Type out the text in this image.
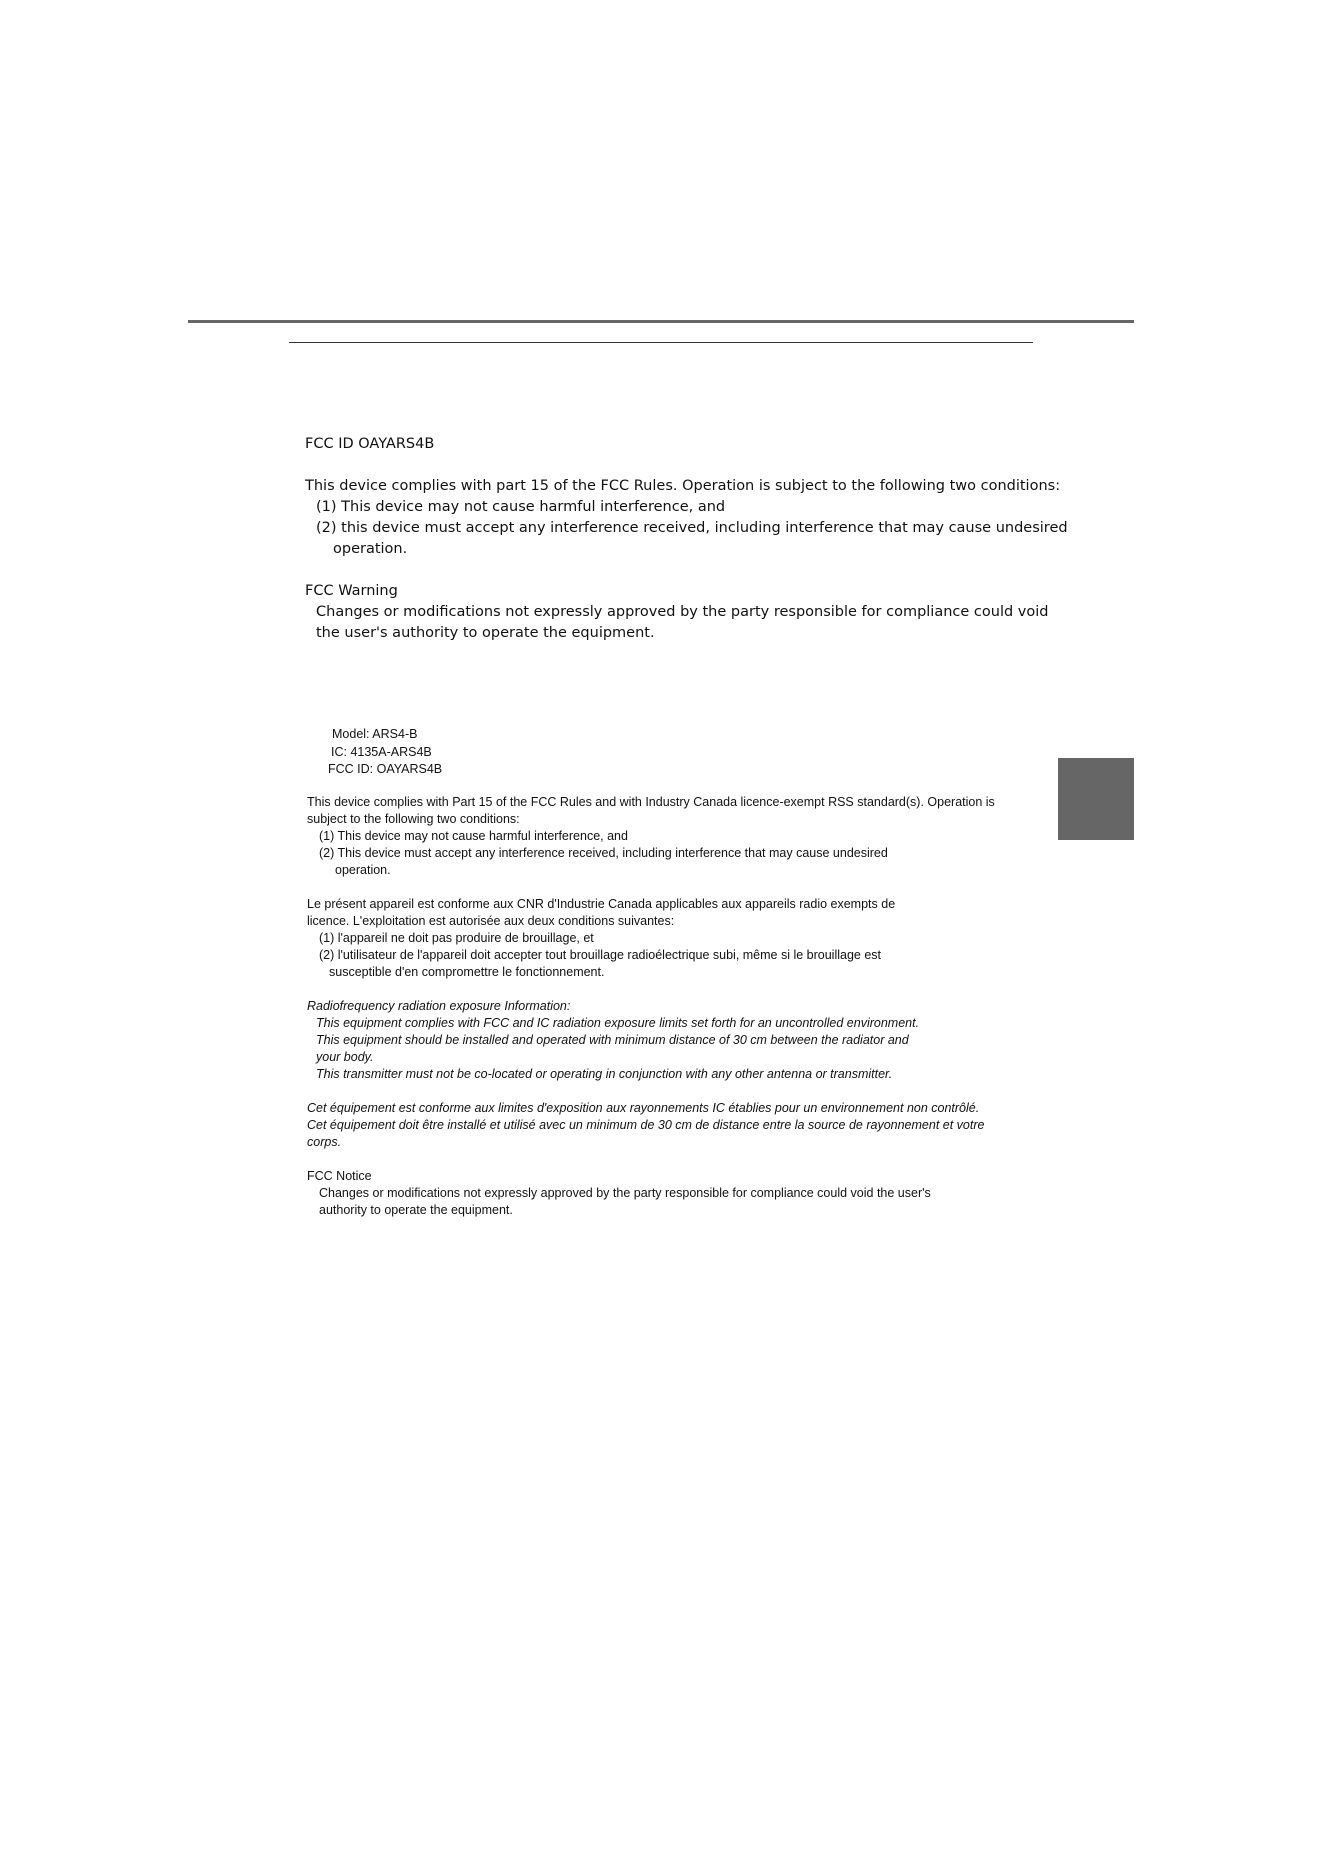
FCC ID OAYARS4B

This device complies with part 15 of the FCC Rules. Operation is subject to the following two conditions:

(1) This device may not cause harmful interference, and

(2) this device must accept any interference received, including interference that may cause undesired

operation.

FCC Warning

Changes or modifications not expressly approved by the party responsible for compliance could void

the user's authority to operate the equipment.

Model: ARS4-B

IC: 4135A-ARS4B

FCC ID: OAYARS4B

This device complies with Part 15 of the FCC Rules and with Industry Canada licence-exempt RSS standard(s). Operation is

subject to the following two conditions:

(1) This device may not cause harmful interference, and

(2) This device must accept any interference received, including interference that may cause undesired

operation.

Le présent appareil est conforme aux CNR d'Industrie Canada applicables aux appareils radio exempts de

licence. L'exploitation est autorisée aux deux conditions suivantes:

(1) l'appareil ne doit pas produire de brouillage, et

(2) l'utilisateur de l'appareil doit accepter tout brouillage radioélectrique subi, même si le brouillage est

susceptible d'en compromettre le fonctionnement.

Radiofrequency radiation exposure Information:

This equipment complies with FCC and IC radiation exposure limits set forth for an uncontrolled environment.

This equipment should be installed and operated with minimum distance of 30 cm between the radiator and

your body.

This transmitter must not be co-located or operating in conjunction with any other antenna or transmitter.

Cet équipement est conforme aux limites d'exposition aux rayonnements IC établies pour un environnement non contrôlé.

Cet équipement doit être installé et utilisé avec un minimum de 30 cm de distance entre la source de rayonnement et votre

corps.

FCC Notice

Changes or modifications not expressly approved by the party responsible for compliance could void the user's

authority to operate the equipment.
